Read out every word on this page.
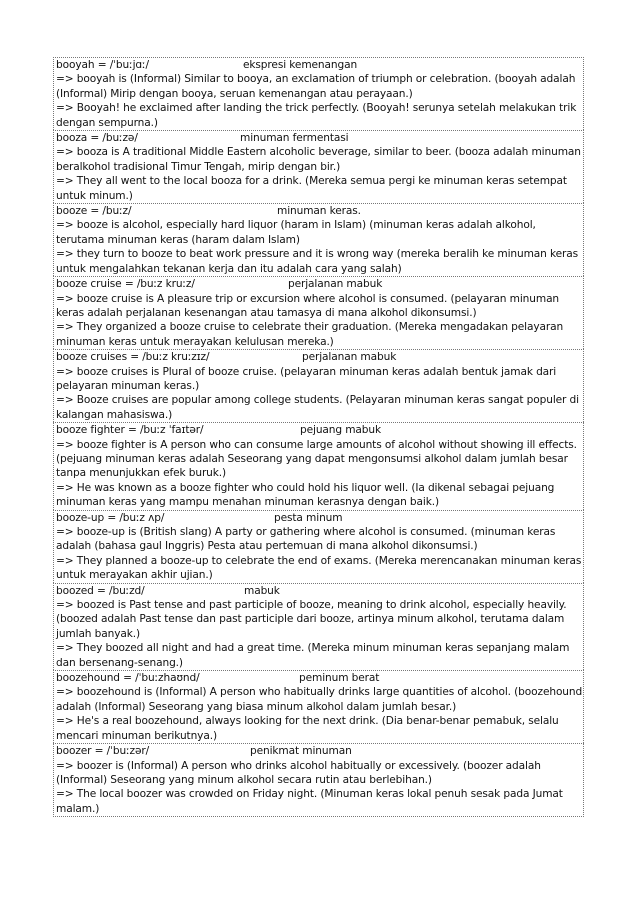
booyah = /ˈbuːjɑː/	ekspresi kemenangan
=> booyah is (Informal) Similar to booya, an exclamation of triumph or celebration. (booyah adalah (Informal) Mirip dengan booya, seruan kemenangan atau perayaan.)
=> Booyah! he exclaimed after landing the trick perfectly. (Booyah! serunya setelah melakukan trik dengan sempurna.)
booza = /buːzə/	minuman fermentasi
=> booza is A traditional Middle Eastern alcoholic beverage, similar to beer. (booza adalah minuman beralkohol tradisional Timur Tengah, mirip dengan bir.)
=> They all went to the local booza for a drink. (Mereka semua pergi ke minuman keras setempat untuk minum.)
booze = /buːz/	minuman keras.
=> booze is alcohol, especially hard liquor (haram in Islam) (minuman keras adalah alkohol, terutama minuman keras (haram dalam Islam)
=> they turn to booze to beat work pressure and it is wrong way (mereka beralih ke minuman keras untuk mengalahkan tekanan kerja dan itu adalah cara yang salah)
booze cruise = /buːz kruːz/	perjalanan mabuk
=> booze cruise is A pleasure trip or excursion where alcohol is consumed. (pelayaran minuman keras adalah perjalanan kesenangan atau tamasya di mana alkohol dikonsumsi.)
=> They organized a booze cruise to celebrate their graduation. (Mereka mengadakan pelayaran minuman keras untuk merayakan kelulusan mereka.)
booze cruises = /buːz kruːzɪz/	perjalanan mabuk
=> booze cruises is Plural of booze cruise. (pelayaran minuman keras adalah bentuk jamak dari pelayaran minuman keras.)
=> Booze cruises are popular among college students. (Pelayaran minuman keras sangat populer di kalangan mahasiswa.)
booze fighter = /buːz ˈfaɪtər/	pejuang mabuk
=> booze fighter is A person who can consume large amounts of alcohol without showing ill effects. (pejuang minuman keras adalah Seseorang yang dapat mengonsumsi alkohol dalam jumlah besar tanpa menunjukkan efek buruk.)
=> He was known as a booze fighter who could hold his liquor well. (Ia dikenal sebagai pejuang minuman keras yang mampu menahan minuman kerasnya dengan baik.)
booze-up = /buːz ʌp/	pesta minum
=> booze-up is (British slang) A party or gathering where alcohol is consumed. (minuman keras adalah (bahasa gaul Inggris) Pesta atau pertemuan di mana alkohol dikonsumsi.)
=> They planned a booze-up to celebrate the end of exams. (Mereka merencanakan minuman keras untuk merayakan akhir ujian.)
boozed = /buːzd/	mabuk
=> boozed is Past tense and past participle of booze, meaning to drink alcohol, especially heavily. (boozed adalah Past tense dan past participle dari booze, artinya minum alkohol, terutama dalam jumlah banyak.)
=> They boozed all night and had a great time. (Mereka minum minuman keras sepanjang malam dan bersenang-senang.)
boozehound = /ˈbuːzhaʊnd/	peminum berat
=> boozehound is (Informal) A person who habitually drinks large quantities of alcohol. (boozehound adalah (Informal) Seseorang yang biasa minum alkohol dalam jumlah besar.)
=> He's a real boozehound, always looking for the next drink. (Dia benar-benar pemabuk, selalu mencari minuman berikutnya.)
boozer = /ˈbuːzər/	penikmat minuman
=> boozer is (Informal) A person who drinks alcohol habitually or excessively. (boozer adalah (Informal) Seseorang yang minum alkohol secara rutin atau berlebihan.)
=> The local boozer was crowded on Friday night. (Minuman keras lokal penuh sesak pada Jumat malam.)
